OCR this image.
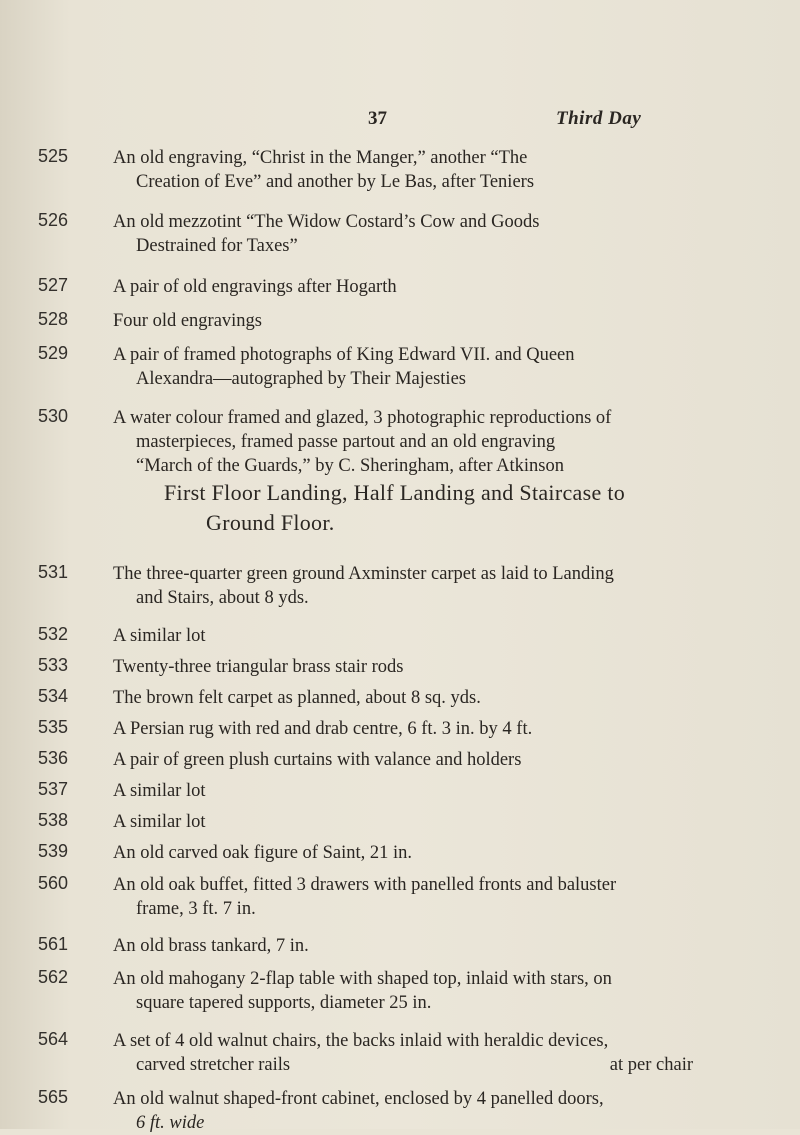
37	Third Day
525 An old engraving, “Christ in the Manger,” another “The
Creation of Eve” and another by Le Bas, after Teniers
526 An old mezzotint “The Widow Costard’s Cow and Goods
Destrained for Taxes”
527 A pair of old engravings after Hogarth
528 Four old engravings
529 A pair of framed photographs of King Edward VII. and Queen
Alexandra—autographed by Their Majesties
530 A water colour framed and glazed, 3 photographic reproductions of
masterpieces, framed passe partout and an old engraving
“March of the Guards,” by C. Sheringham, after Atkinson
First Floor Landing, Half Landing and Staircase to
Ground Floor.
531 The three-quarter green ground Axminster carpet as laid to Landing
and Stairs, about 8 yds.
532 A similar lot
533 Twenty-three triangular brass stair rods
534 The brown felt carpet as planned, about 8 sq. yds.
535 A Persian rug with red and drab centre, 6 ft. 3 in. by 4 ft.
536 A pair of green plush curtains with valance and holders
537 A similar lot
538 A similar lot
539 An old carved oak figure of Saint, 21 in.
560 An old oak buffet, fitted 3 drawers with panelled fronts and baluster
frame, 3 ft. 7 in.
561 An old brass tankard, 7 in.
562 An old mahogany 2-flap table with shaped top, inlaid with stars, on
square tapered supports, diameter 25 in.
564 A set of 4 old walnut chairs, the backs inlaid with heraldic devices,
carved stretcher rails	at per chair
565 An old walnut shaped-front cabinet, enclosed by 4 panelled doors,
6 ft. wide
